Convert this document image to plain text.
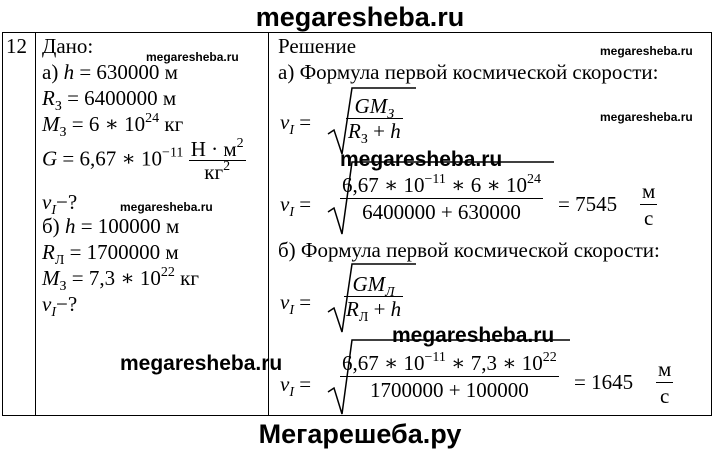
megaresheba.ru

12 Дано:
а) h = 630000 м
$R_З = 6400000$ м
$M_З = 6$ ∗ $10^{24}$ кг
G = 6,67 ∗ $10^{-11} \frac{Н \cdot м^2}{кг^2}$
$v_I-$?
б) h = 100000 м
$R_Л = 1700000$ м
$M_З = 7,3$ ∗ $10^{22}$ кг
$v_I-$?
Решение
а) Формула первой космической скорости:
$v_I = \frac{GM_З}{R_З + h}$
$v_I = \frac{6,67 ∗ 10^{-11} ∗ 6 ∗ 10^{24}}{6400000 + 630000} = 7545 \frac{м}{с}$
б) Формула первой космической скорости:
$v_I = \frac{GM_Л}{R_Л + h}$
$v_I = \frac{6,67 ∗ 10^{-11} ∗ 7,3 ∗ 10^{22}}{1700000 + 100000} = 1645 \frac{м}{с}$
megaresheba.ru	megaresheba.ru
megaresheba.ru
megaresheba.ru
megaresheba.ru
megaresheba.ru
megaresheba.ru
Мегарешеба.ру
